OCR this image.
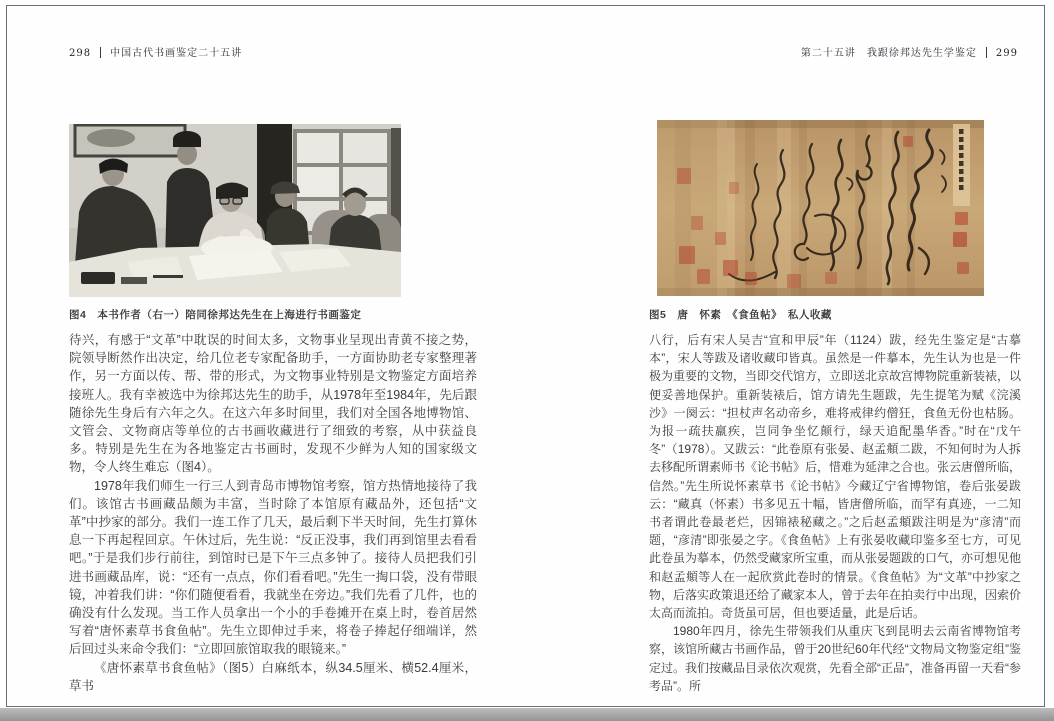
298 中国古代书画鉴定二十五讲
图4　本书作者（右一）陪同徐邦达先生在上海进行书画鉴定

待兴，有感于“文革”中耽误的时间太多，文物事业呈现出青黄不接之势，院领导断然作出决定，给几位老专家配备助手，一方面协助老专家整理著作，另一方面以传、帮、带的形式，为文物事业特别是文物鉴定方面培养接班人。我有幸被选中为徐邦达先生的助手，从1978年至1984年，先后跟随徐先生身后有六年之久。在这六年多时间里，我们对全国各地博物馆、文管会、文物商店等单位的古书画收藏进行了细致的考察，从中获益良多。特别是先生在为各地鉴定古书画时，发现不少鲜为人知的国家级文物，令人终生难忘（图4）。

1978年我们师生一行三人到青岛市博物馆考察，馆方热情地接待了我们。该馆古书画藏品颇为丰富，当时除了本馆原有藏品外，还包括“文革”中抄家的部分。我们一连工作了几天，最后剩下半天时间，先生打算休息一下再起程回京。午休过后，先生说：“反正没事，我们再到馆里去看看吧。”于是我们步行前往，到馆时已是下午三点多钟了。接待人员把我们引进书画藏品库，说：“还有一点点，你们看看吧。”先生一掏口袋，没有带眼镜，冲着我们讲：“你们随便看看，我就坐在旁边。”我们先看了几件，也的确没有什么发现。当工作人员拿出一个小的手卷摊开在桌上时，卷首居然写着“唐怀素草书食鱼帖”。先生立即伸过手来，将卷子捧起仔细端详，然后回过头来命令我们：“立即回旅馆取我的眼镜来。”

《唐怀素草书食鱼帖》（图5）白麻纸本，纵34.5厘米、横52.4厘米，草书

第二十五讲　我跟徐邦达先生学鉴定 299
图5　唐　怀素　《食鱼帖》　私人收藏

八行，后有宋人吴吉“宣和甲辰”年（1124）跋，经先生鉴定是“古摹本”，宋人等跋及诸收藏印皆真。虽然是一件摹本，先生认为也是一件极为重要的文物，当即交代馆方，立即送北京故宫博物院重新装裱，以便妥善地保护。重新装裱后，馆方请先生题跋，先生提笔为赋《浣溪沙》一阕云：“担杖声名动帝乡，难将戒律约僧狂，食鱼无份也枯肠。为报一疏扶羸疾，岂同争坐忆颠行，绿天追配墨华香。”时在“戊午冬”（1978）。又跋云：“此卷原有张晏、赵孟頫二跋，不知何时为人拆去移配所谓素师书《论书帖》后，惜难为延津之合也。张云唐僧所临，信然。”先生所说怀素草书《论书帖》今藏辽宁省博物馆，卷后张晏跋云：“藏真（怀素）书多见五十幅，皆唐僧所临，而罕有真迹，一二知书者谓此卷最老烂，因锦裱秘藏之。”之后赵孟頫跋注明是为“彦清”而题，“彦清”即张晏之字。《食鱼帖》上有张晏收藏印鉴多至七方，可见此卷虽为摹本，仍然受藏家所宝重，而从张晏题跋的口气，亦可想见他和赵孟頫等人在一起欣赏此卷时的情景。《食鱼帖》为“文革”中抄家之物，后落实政策退还给了藏家本人，曾于去年在拍卖行中出现，因索价太高而流拍。奇货虽可居，但也要适量，此是后话。

1980年四月，徐先生带领我们从重庆飞到昆明去云南省博物馆考察，该馆所藏古书画作品，曾于20世纪60年代经“文物局文物鉴定组”鉴定过。我们按藏品目录依次观赏，先看全部“正品”，准备再留一天看“参考品”。所
